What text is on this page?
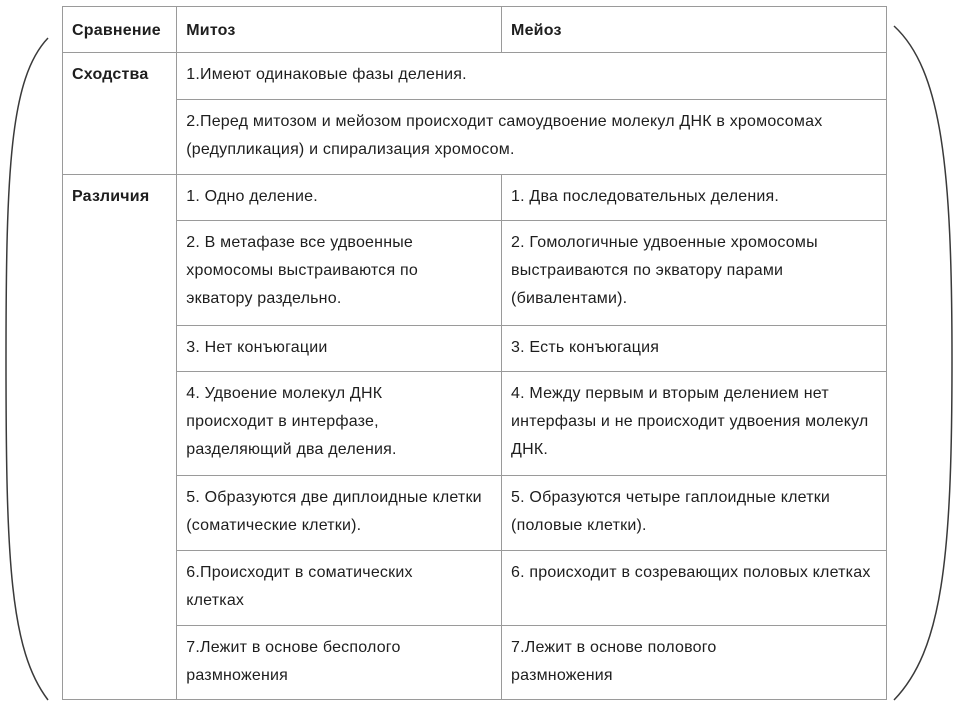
Сравнение	Митоз	Мейоз
Сходства	1.Имеют одинаковые фазы деления.	
	2.Перед митозом и мейозом происходит самоудвоение молекул ДНК в хромосомах (редупликация) и спирализация хромосом.	
Различия	1. Одно деление.	1. Два последовательных деления.
	2. В метафазе все удвоенные хромосомы выстраиваются по экватору раздельно.	2. Гомологичные удвоенные хромосомы выстраиваются по экватору парами (бивалентами).
	3. Нет конъюгации	3. Есть конъюгация
	4. Удвоение молекул ДНК происходит в интерфазе, разделяющий два деления.	4. Между первым и вторым делением нет интерфазы и не происходит удвоения молекул ДНК.
	5. Образуются две диплоидные клетки (соматические клетки).	5. Образуются четыре гаплоидные клетки (половые клетки).
	6.Происходит в соматических клетках	6. происходит в созревающих половых клетках
	7.Лежит в основе бесполого размножения	7.Лежит в основе полового размножения
